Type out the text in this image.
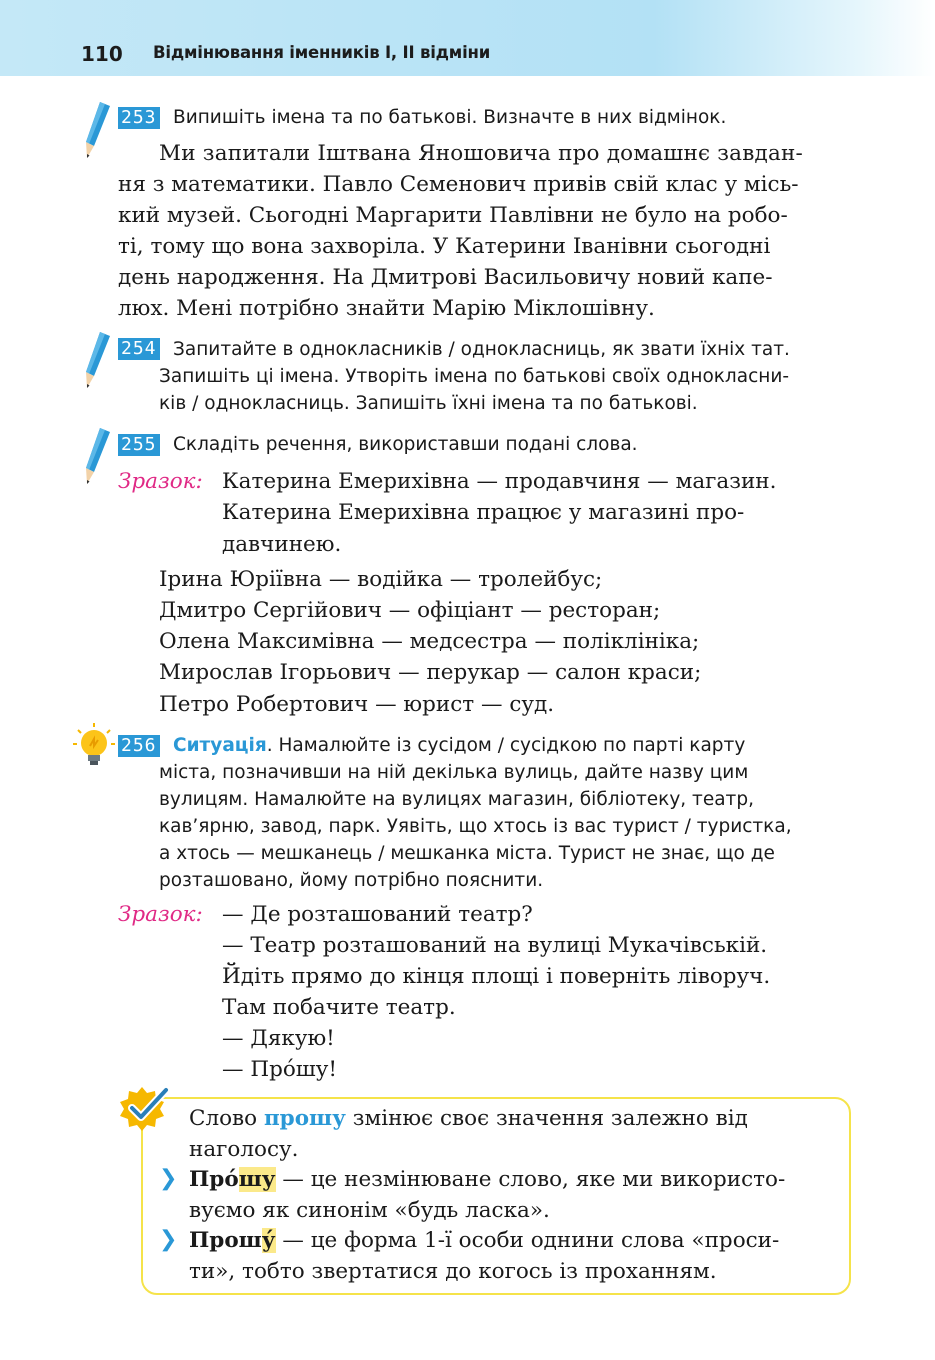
110 Відмінювання іменників І, ІІ відміни
253 Випишіть імена та по батькові. Визначте в них відмінок.
Ми запитали Іштвана Яношовича про домашнє завдан-
ня з математики. Павло Семенович привів свій клас у місь-
кий музей. Сьогодні Маргарити Павлівни не було на робо-
ті, тому що вона захворіла. У Катерини Іванівни сьогодні
день народження. На Дмитрові Васильовичу новий капе-
люх. Мені потрібно знайти Марію Міклошівну.
254 Запитайте в однокласників / однокласниць, як звати їхніх тат.
Запишіть ці імена. Утворіть імена по батькові своїх однокласни-
ків / однокласниць. Запишіть їхні імена та по батькові.
255 Складіть речення, використавши подані слова.
Зразок: Катерина Емерихівна — продавчиня — магазин.
Катерина Емерихівна працює у магазині про-
давчинею.
Ірина Юріївна — водійка — тролейбус;
Дмитро Сергійович — офіціант — ресторан;
Олена Максимівна — медсестра — поліклініка;
Мирослав Ігорьович — перукар — салон краси;
Петро Робертович — юрист — суд.
256 Ситуація. Намалюйте із сусідом / сусідкою по парті карту
міста, позначивши на ній декілька вулиць, дайте назву цим
вулицям. Намалюйте на вулицях магазин, бібліотеку, театр,
кав’ярню, завод, парк. Уявіть, що хтось із вас турист / туристка,
а хтось — мешканець / мешканка міста. Турист не знає, що де
розташовано, йому потрібно пояснити.
Зразок: — Де розташований театр?
— Театр розташований на вулиці Мукачівській.
Йдіть прямо до кінця площі і поверніть ліворуч.
Там побачите театр.
— Дякую!
— Про́шу!
Слово прошу змінює своє значення залежно від
наголосу.
❯ Про́шу — це незмінюване слово, яке ми використо-
вуємо як синонім «будь ласка».
❯ Прошу́ — це форма 1-ї особи однини слова «проси-
ти», тобто звертатися до когось із проханням.
